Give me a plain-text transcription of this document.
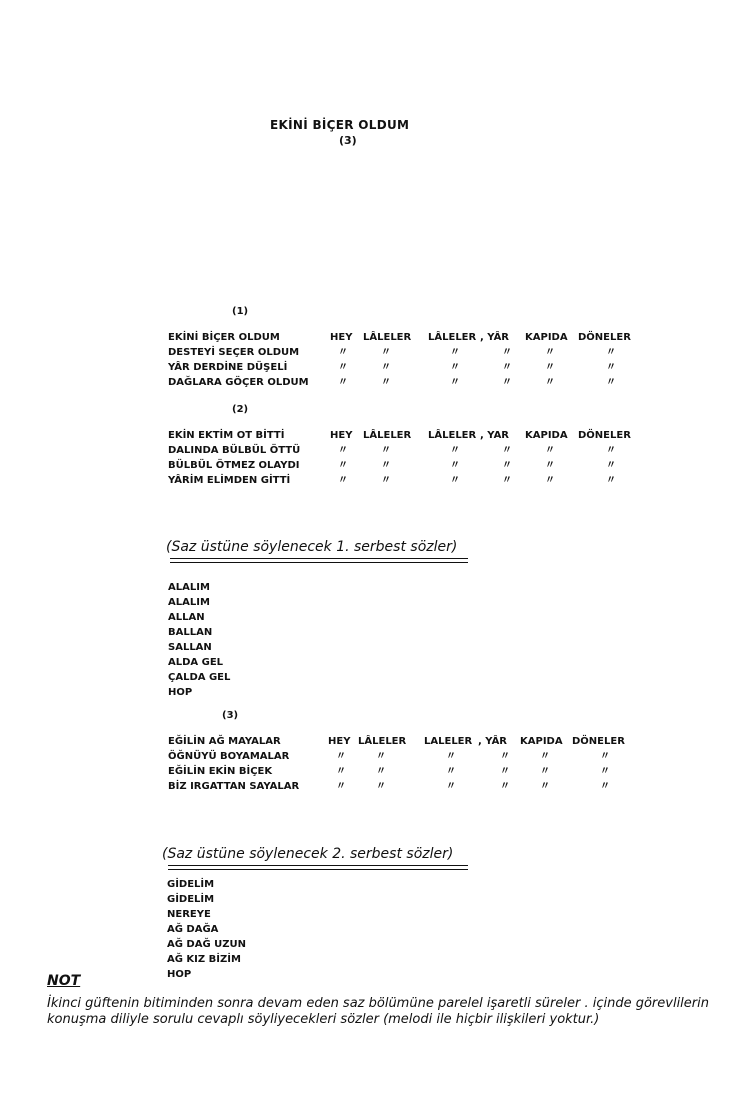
EKİNİ BİÇER OLDUM
(3)
(1)
EKİNİ BİÇER OLDUM
DESTEYİ SEÇER OLDUM
YÂR DERDİNE DÜŞELİ
DAĞLARA GÖÇER OLDUM
HEY
〃
〃
〃
LÂLELER
〃
〃
〃
LÂLELER
〃
〃
〃
, YÂR
〃
〃
〃
KAPIDA
〃
〃
〃
DÖNELER
〃
〃
〃
(2)
EKİN EKTİM OT BİTTİ
DALINDA BÜLBÜL ÖTTÜ
BÜLBÜL ÖTMEZ OLAYDI
YÂRİM ELİMDEN GİTTİ
HEY
〃
〃
〃
LÂLELER
〃
〃
〃
LÂLELER
〃
〃
〃
, YAR
〃
〃
〃
KAPIDA
〃
〃
〃
DÖNELER
〃
〃
〃
(Saz üstüne söylenecek 1. serbest sözler)
ALALIM
ALALIM
ALLAN
BALLAN
SALLAN
ALDA GEL
ÇALDA GEL
HOP
(3)
EĞİLİN AĞ MAYALAR
ÖĞNÜYÜ BOYAMALAR
EĞİLİN EKİN BİÇEK
BİZ IRGATTAN SAYALAR
HEY
〃
〃
〃
LÂLELER
〃
〃
〃
LALELER
〃
〃
〃
, YÂR
〃
〃
〃
KAPIDA
〃
〃
〃
DÖNELER
〃
〃
〃
(Saz üstüne söylenecek 2. serbest sözler)
GİDELİM
GİDELİM
NEREYE
AĞ DAĞA
AĞ DAĞ UZUN
AĞ KIZ BİZİM
HOP
NOT
İkinci güftenin bitiminden sonra devam eden saz bölümüne parelel işaretli süreler . içinde görevlilerin konuşma diliyle sorulu cevaplı söyliyecekleri sözler (melodi ile hiçbir ilişkileri yoktur.)
